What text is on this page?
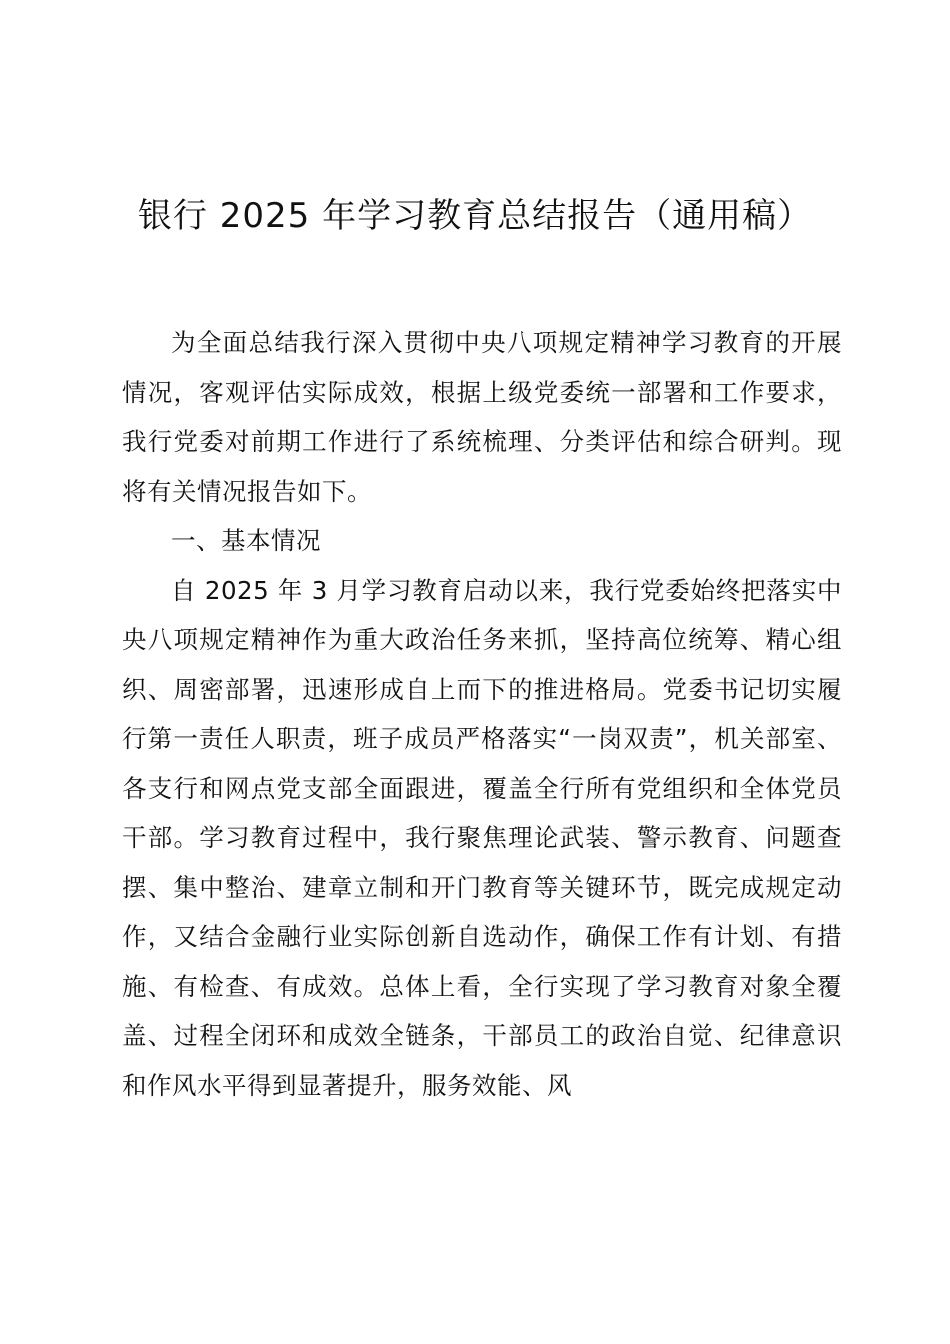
银行 2025 年学习教育总结报告（通用稿）

为全面总结我行深入贯彻中央八项规定精神学习教育的开展情况，客观评估实际成效，根据上级党委统一部署和工作要求，我行党委对前期工作进行了系统梳理、分类评估和综合研判。现将有关情况报告如下。

一、基本情况

自 2025 年 3 月学习教育启动以来，我行党委始终把落实中央八项规定精神作为重大政治任务来抓，坚持高位统筹、精心组织、周密部署，迅速形成自上而下的推进格局。党委书记切实履行第一责任人职责，班子成员严格落实“一岗双责”，机关部室、各支行和网点党支部全面跟进，覆盖全行所有党组织和全体党员干部。学习教育过程中，我行聚焦理论武装、警示教育、问题查摆、集中整治、建章立制和开门教育等关键环节，既完成规定动作，又结合金融行业实际创新自选动作，确保工作有计划、有措施、有检查、有成效。总体上看，全行实现了学习教育对象全覆盖、过程全闭环和成效全链条，干部员工的政治自觉、纪律意识和作风水平得到显著提升，服务效能、风
